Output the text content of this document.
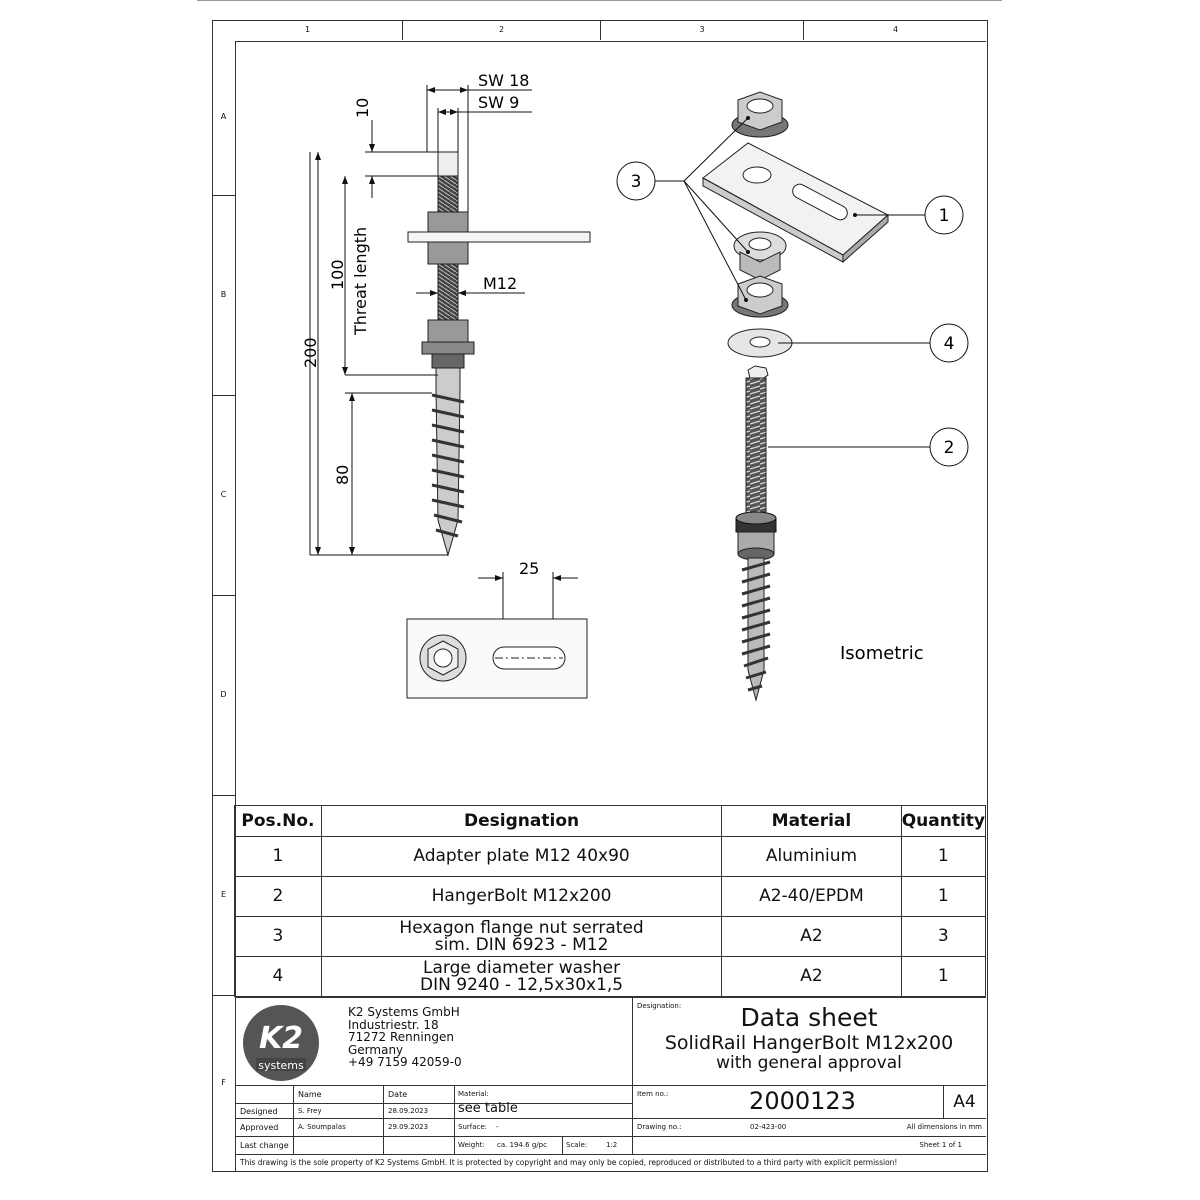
1	2	3	4
A
B
C
D
E
F
SW 18
SW 9
10
100 Threat length
200
80
M12
25
3
1
4
2
Isometric
Pos.No.	Designation	Material	Quantity
1	Adapter plate M12 40x90	Aluminium	1
2	HangerBolt M12x200	A2-40/EPDM	1
3	Hexagon flange nut serrated
sim. DIN 6923 - M12	A2	3
4	Large diameter washer
DIN 9240 - 12,5x30x1,5	A2	1
K2
systems
K2 Systems GmbH
Industriestr. 18
71272 Renningen
Germany
+49 7159 42059-0
Designation:	Data sheet
SolidRail HangerBolt M12x200
with general approval
Name	Date	Material:
see table
Designed	S. Frey	28.09.2023
Approved	A. Soumpalas	29.09.2023	Surface: -
Last change	Weight: ca. 194.6 g/pc	Scale:	1:2
Item no.:	2000123	A4
Drawing no.:	02-423-00	All dimensions in mm
Sheet 1 of 1
This drawing is the sole property of K2 Systems GmbH. It is protected by copyright and may only be copied, reproduced or distributed to a third party with explicit permission!
